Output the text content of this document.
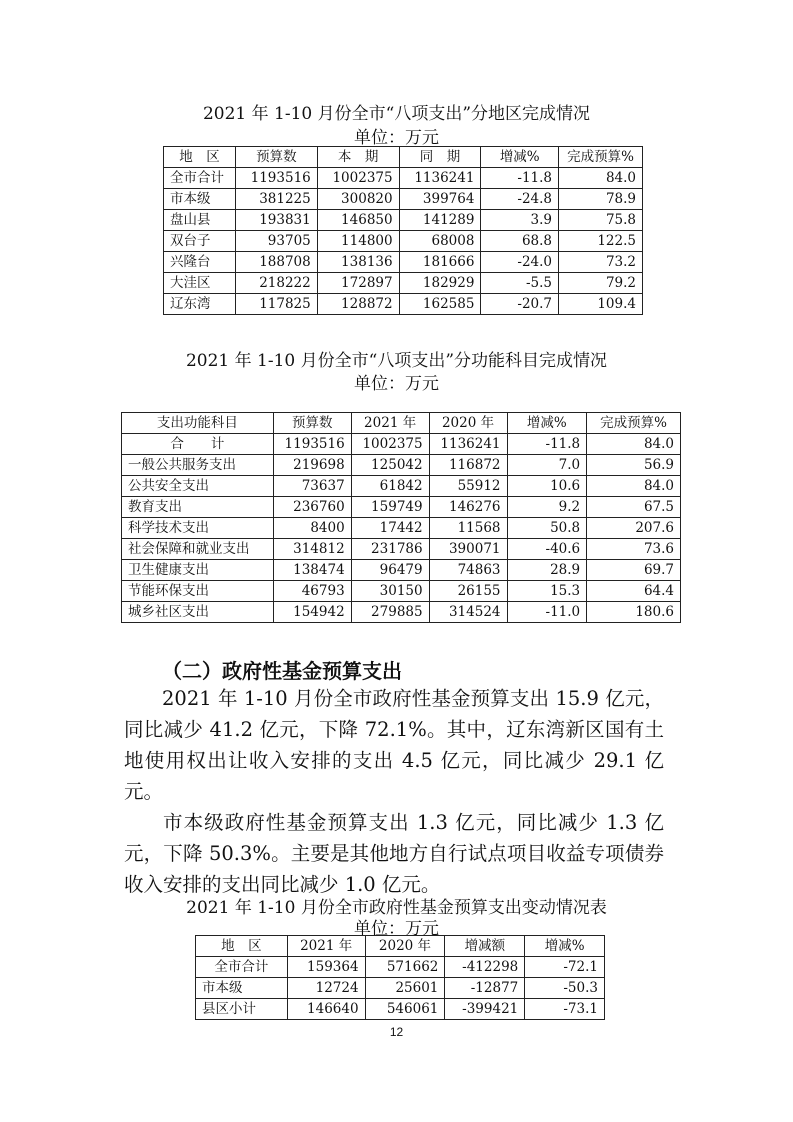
2021 年 1-10 月份全市“八项支出”分地区完成情况
单位：万元
地　区	预算数	本　期	同　期	增减%	完成预算%
全市合计	1193516	1002375	1136241	-11.8	84.0
市本级	381225	300820	399764	-24.8	78.9
盘山县	193831	146850	141289	3.9	75.8
双台子	93705	114800	68008	68.8	122.5
兴隆台	188708	138136	181666	-24.0	73.2
大洼区	218222	172897	182929	-5.5	79.2
辽东湾	117825	128872	162585	-20.7	109.4
2021 年 1-10 月份全市“八项支出”分功能科目完成情况
单位：万元
支出功能科目	预算数	2021 年	2020 年	增减%	完成预算%
合　　计	1193516	1002375	1136241	-11.8	84.0
一般公共服务支出	219698	125042	116872	7.0	56.9
公共安全支出	73637	61842	55912	10.6	84.0
教育支出	236760	159749	146276	9.2	67.5
科学技术支出	8400	17442	11568	50.8	207.6
社会保障和就业支出	314812	231786	390071	-40.6	73.6
卫生健康支出	138474	96479	74863	28.9	69.7
节能环保支出	46793	30150	26155	15.3	64.4
城乡社区支出	154942	279885	314524	-11.0	180.6
（二）政府性基金预算支出
2021 年 1-10 月份全市政府性基金预算支出 15.9 亿元，同比减少 41.2 亿元，下降 72.1%。其中，辽东湾新区国有土地使用权出让收入安排的支出 4.5 亿元，同比减少 29.1 亿元。
市本级政府性基金预算支出 1.3 亿元，同比减少 1.3 亿元，下降 50.3%。主要是其他地方自行试点项目收益专项债券收入安排的支出同比减少 1.0 亿元。
2021 年 1-10 月份全市政府性基金预算支出变动情况表
单位：万元
地　区	2021 年	2020 年	增减额	增减%
全市合计	159364	571662	-412298	-72.1
市本级	12724	25601	-12877	-50.3
县区小计	146640	546061	-399421	-73.1
12
